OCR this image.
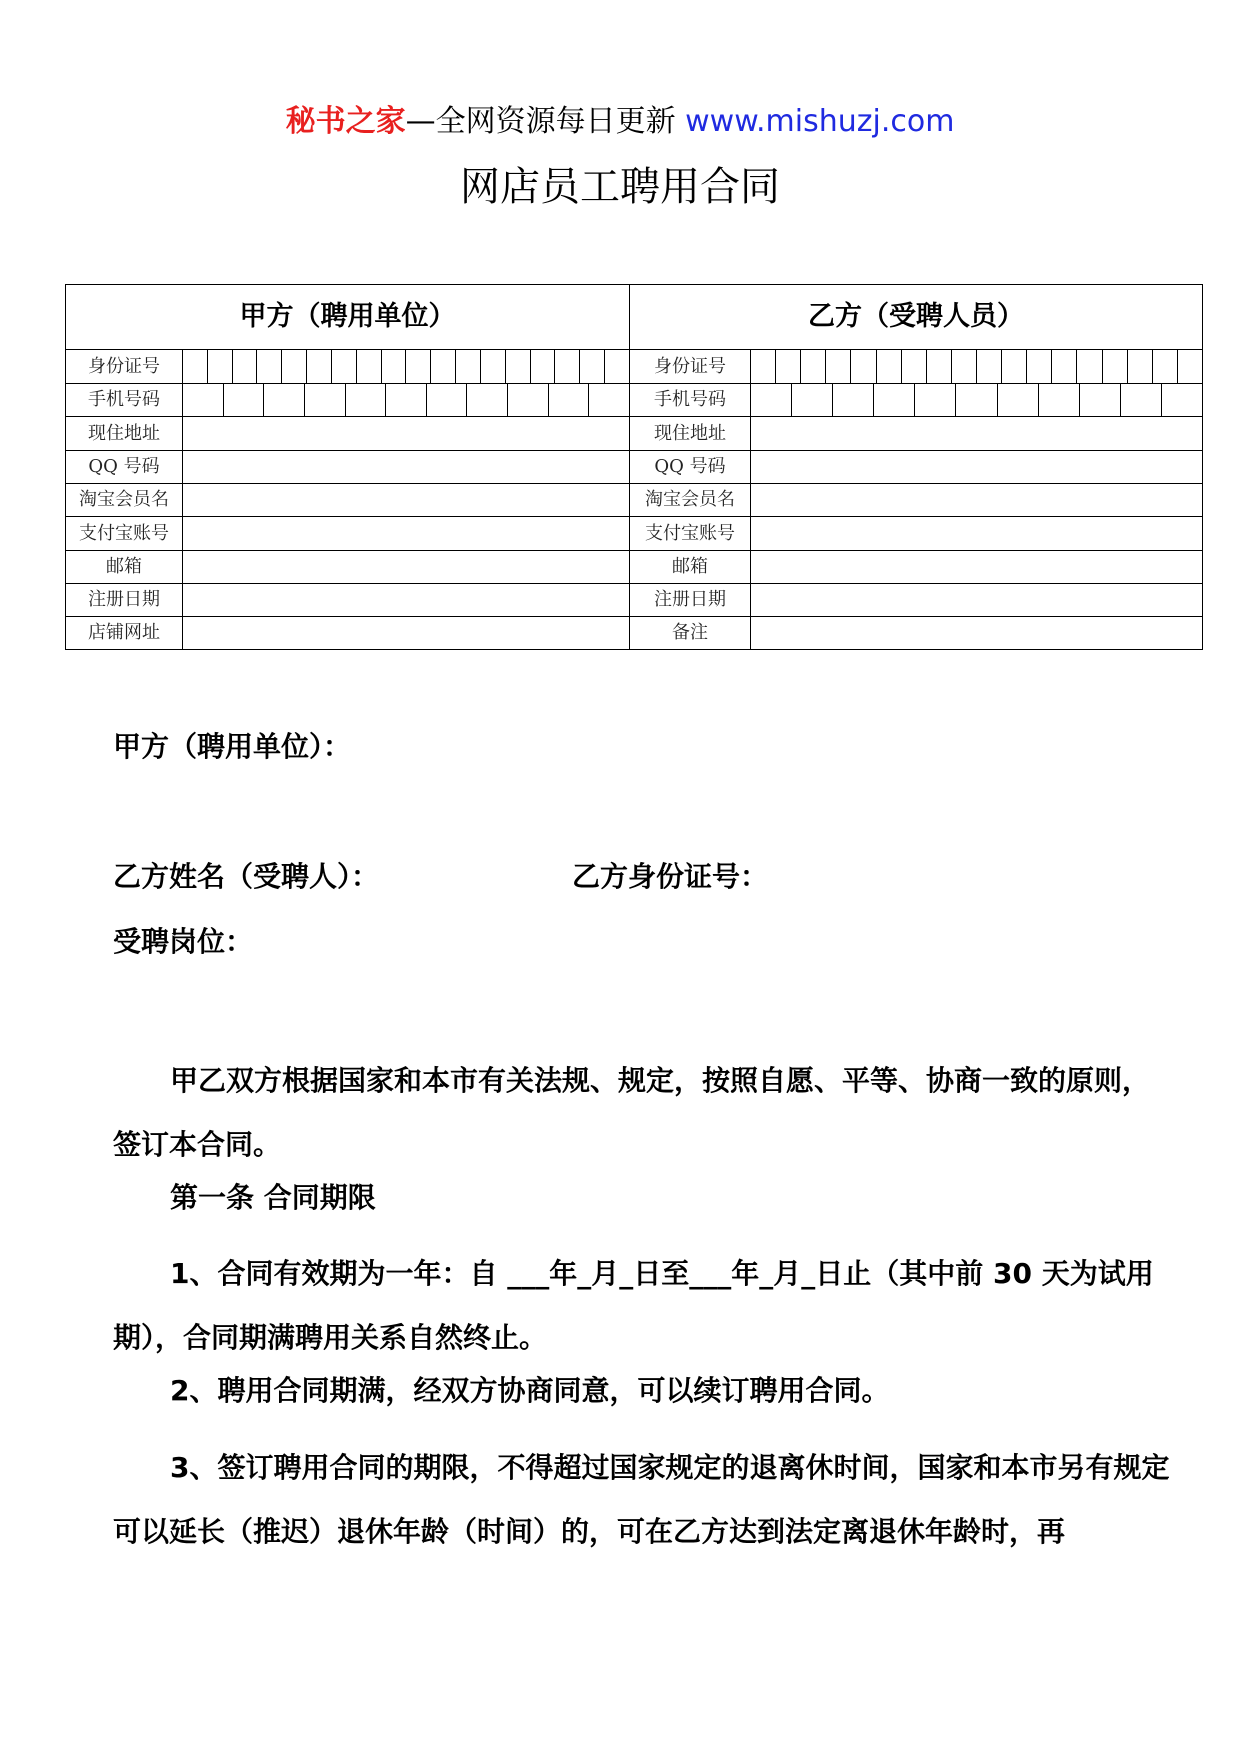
秘书之家—全网资源每日更新 www.mishuzj.com
网店员工聘用合同
甲方（聘用单位）	乙方（受聘人员）
身份证号	身份证号
手机号码	手机号码
现住地址	现住地址
QQ 号码	QQ 号码
淘宝会员名	淘宝会员名
支付宝账号	支付宝账号
邮箱	邮箱
注册日期	注册日期
店铺网址	备注
甲方（聘用单位）：
乙方姓名（受聘人）：	乙方身份证号：
受聘岗位：
甲乙双方根据国家和本市有关法规、规定，按照自愿、平等、协商一致的原则，签订本合同。
第一条 合同期限
1、合同有效期为一年：自 ___年_月_日至___年_月_日止（其中前 30 天为试用期），合同期满聘用关系自然终止。
2、聘用合同期满，经双方协商同意，可以续订聘用合同。
3、签订聘用合同的期限，不得超过国家规定的退离休时间，国家和本市另有规定可以延长（推迟）退休年龄（时间）的，可在乙方达到法定离退休年龄时，再
